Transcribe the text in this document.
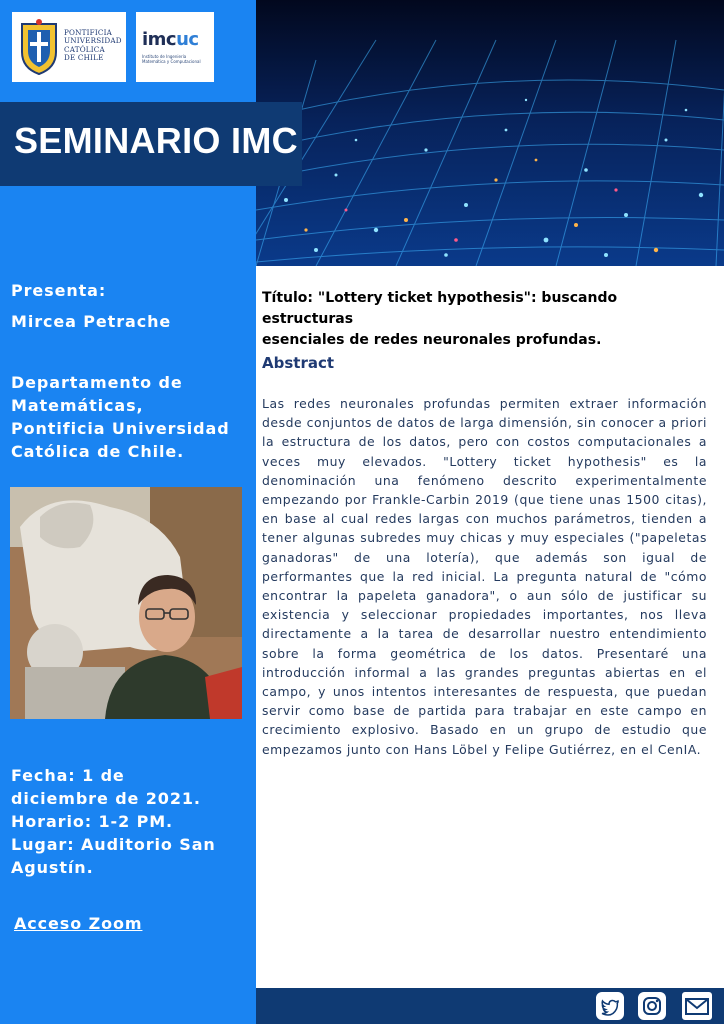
PONTIFICIA
UNIVERSIDAD
CATÓLICA
DE CHILE
imcuc
Instituto de Ingeniería Matemática y Computacional
SEMINARIO IMC
Presenta:
Mircea Petrache
Departamento de
Matemáticas,
Pontificia Universidad
Católica de Chile.
Fecha: 1 de
diciembre de 2021.
Horario: 1-2 PM.
Lugar: Auditorio San
Agustín.
Acceso Zoom
Título: "Lottery ticket hypothesis": buscando estructuras
esenciales de redes neuronales profundas.
Abstract
Las redes neuronales profundas permiten extraer información desde conjuntos de datos de larga dimensión, sin conocer a priori la estructura de los datos, pero con costos computacionales a veces muy elevados. "Lottery ticket hypothesis" es la denominación una fenómeno descrito experimentalmente empezando por Frankle-Carbin 2019 (que tiene unas 1500 citas), en base al cual redes largas con muchos parámetros, tienden a tener algunas subredes muy chicas y muy especiales ("papeletas ganadoras" de una lotería), que además son igual de performantes que la red inicial. La pregunta natural de "cómo encontrar la papeleta ganadora", o aun sólo de justificar su existencia y seleccionar propiedades importantes, nos lleva directamente a la tarea de desarrollar nuestro entendimiento sobre la forma geométrica de los datos. Presentaré una introducción informal a las grandes preguntas abiertas en el campo, y unos intentos interesantes de respuesta, que puedan servir como base de partida para trabajar en este campo en crecimiento explosivo. Basado en un grupo de estudio que empezamos junto con Hans Löbel y Felipe Gutiérrez, en el CenIA.
